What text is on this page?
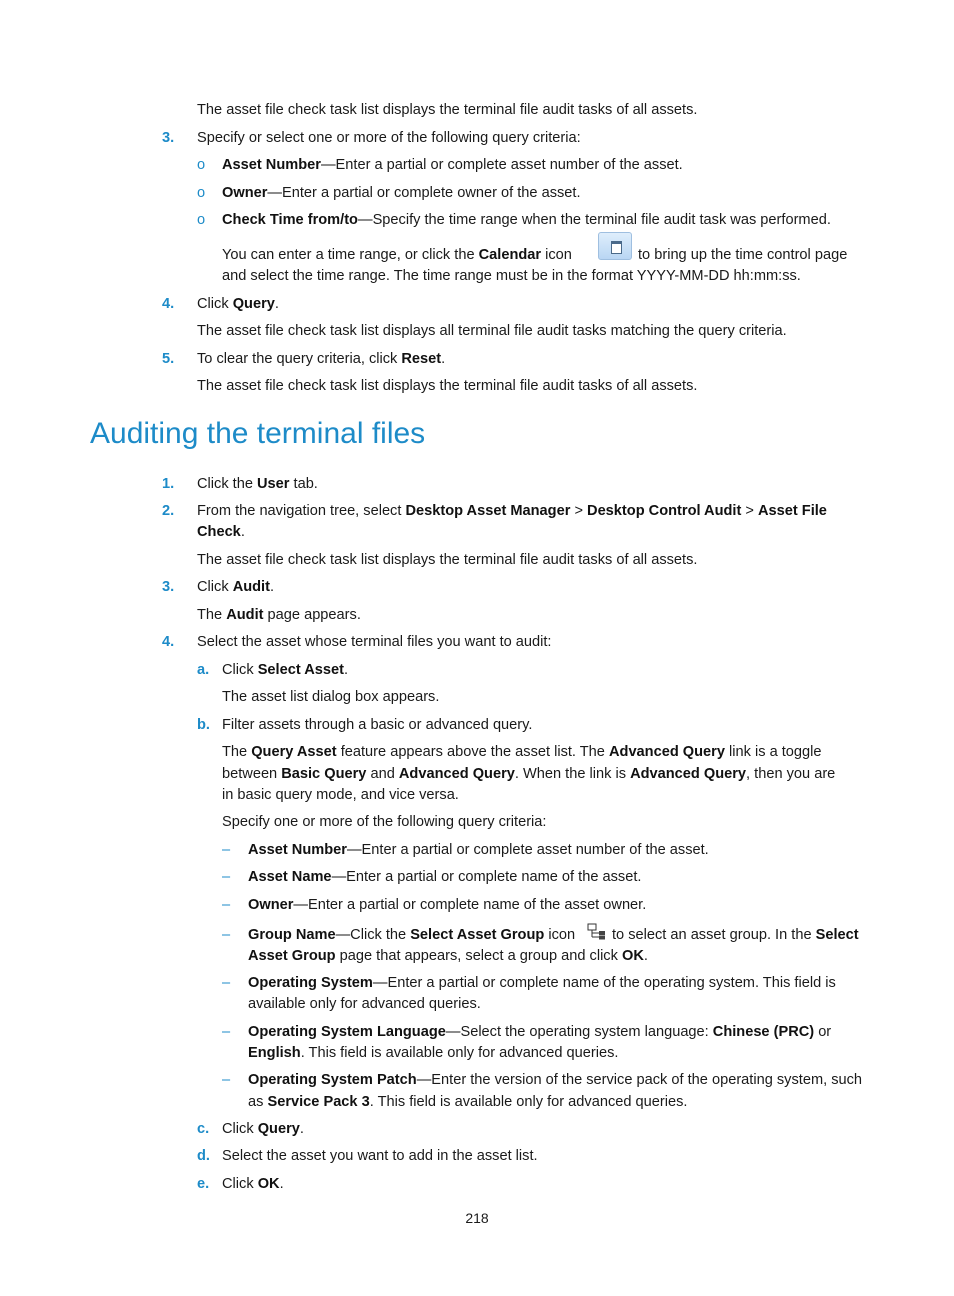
The asset file check task list displays the terminal file audit tasks of all assets.
3. Specify or select one or more of the following query criteria:
o Asset Number—Enter a partial or complete asset number of the asset.
o Owner—Enter a partial or complete owner of the asset.
o Check Time from/to—Specify the time range when the terminal file audit task was performed.
You can enter a time range, or click the Calendar icon	to bring up the time control page
and select the time range. The time range must be in the format YYYY-MM-DD hh:mm:ss.
4. Click Query.
The asset file check task list displays all terminal file audit tasks matching the query criteria.
5. To clear the query criteria, click Reset.
The asset file check task list displays the terminal file audit tasks of all assets.
Auditing the terminal files
1. Click the User tab.
2. From the navigation tree, select Desktop Asset Manager > Desktop Control Audit > Asset File
Check.
The asset file check task list displays the terminal file audit tasks of all assets.
3. Click Audit.
The Audit page appears.
4. Select the asset whose terminal files you want to audit:
a. Click Select Asset.
The asset list dialog box appears.
b. Filter assets through a basic or advanced query.
The Query Asset feature appears above the asset list. The Advanced Query link is a toggle
between Basic Query and Advanced Query. When the link is Advanced Query, then you are
in basic query mode, and vice versa.
Specify one or more of the following query criteria:
– Asset Number—Enter a partial or complete asset number of the asset.
– Asset Name—Enter a partial or complete name of the asset.
– Owner—Enter a partial or complete name of the asset owner.
– Group Name—Click the Select Asset Group icon	to select an asset group. In the Select
Asset Group page that appears, select a group and click OK.
– Operating System—Enter a partial or complete name of the operating system. This field is
available only for advanced queries.
– Operating System Language—Select the operating system language: Chinese (PRC) or
English. This field is available only for advanced queries.
– Operating System Patch—Enter the version of the service pack of the operating system, such
as Service Pack 3. This field is available only for advanced queries.
c. Click Query.
d. Select the asset you want to add in the asset list.
e. Click OK.
218
